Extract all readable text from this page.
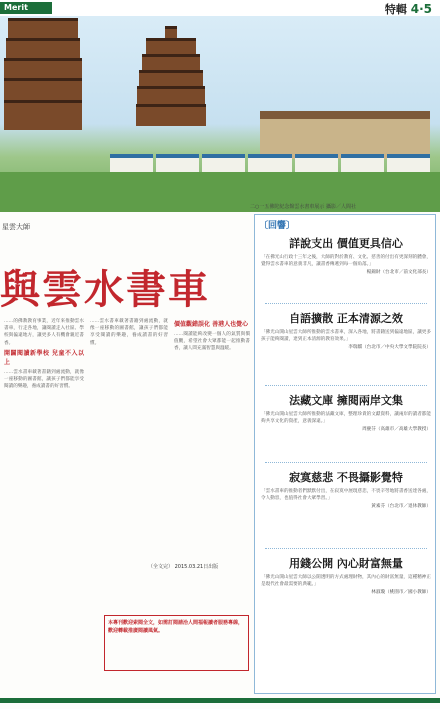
Merit	特輯 4·5
二○一五佛陀紀念館雲水書車展示 攝影／人間社
星雲大師
與雲水書車

……的佛教教育事業，近年來推動雲水書車，行走各地，讓閱讀走入社區、學校與偏遠地方，讓更多人有機會親近書香。

開闢閱讀新學校 兒童不入以上

……雲水書車載著書籍到處流動，就像一座移動的圖書館，讓孩子們都能享受閱讀的樂趣，養成讀書的好習慣。

……雲水書車載著書籍到處流動，就像一座移動的圖書館，讓孩子們都能享受閱讀的樂趣，養成讀書的好習慣。

價值觀錯誤化 善港人也覺心

……閱讀能夠改變一個人的氣質與價值觀，希望社會大眾都能一起推動書香，讓人間充滿智慧與溫暖。

（全文完） 2015.03.21日出版
本專刊歡迎索閱全文，如需訂閱請洽人間福報讀者服務專線，歡迎轉載推廣閱讀風氣。
〔回響〕
詳說支出 價值更具信心
「在佛光山行政十三年之後，大師的對於教育、文化、慈善的付出有更深刻的體會，覺得雲水書車的意義非凡，讓書香傳遞到每一個角落。」
楊錦財（台北市／前文化部長）
自語擴散 正本清源之效
「佛光山開山星雲大師所推動的雲水書車，深入各地，將書籍送到偏遠地區，讓更多孩子能夠閱讀，達到正本清源的教育效果。」
李瑞麒（台北市／中央大學文學院院長）
法藏文庫 擁閱兩岸文集
「佛光山開山星雲大師所推動的法藏文庫，整理珍貴的文獻資料，讓兩岸的讀者都能夠共享文化的資產，意義深遠。」
周慶芬（高雄市／高雄大學教授）
寂寞慈悲 不畏攝影覺特
「雲水書車的推動者們默默付出，在寂寞中展現慈悲，不畏辛勞地將書香送達各處，令人動容，也值得社會大眾學習。」
黃素芬（台北市／退休教師）
用錢公開 內心財富無量
「佛光山開山星雲大師以公開透明的方式處理財物，其內心的財富無量，這種精神正是現代社會最需要的典範。」
林淑瓊（桃園市／國小教師）
